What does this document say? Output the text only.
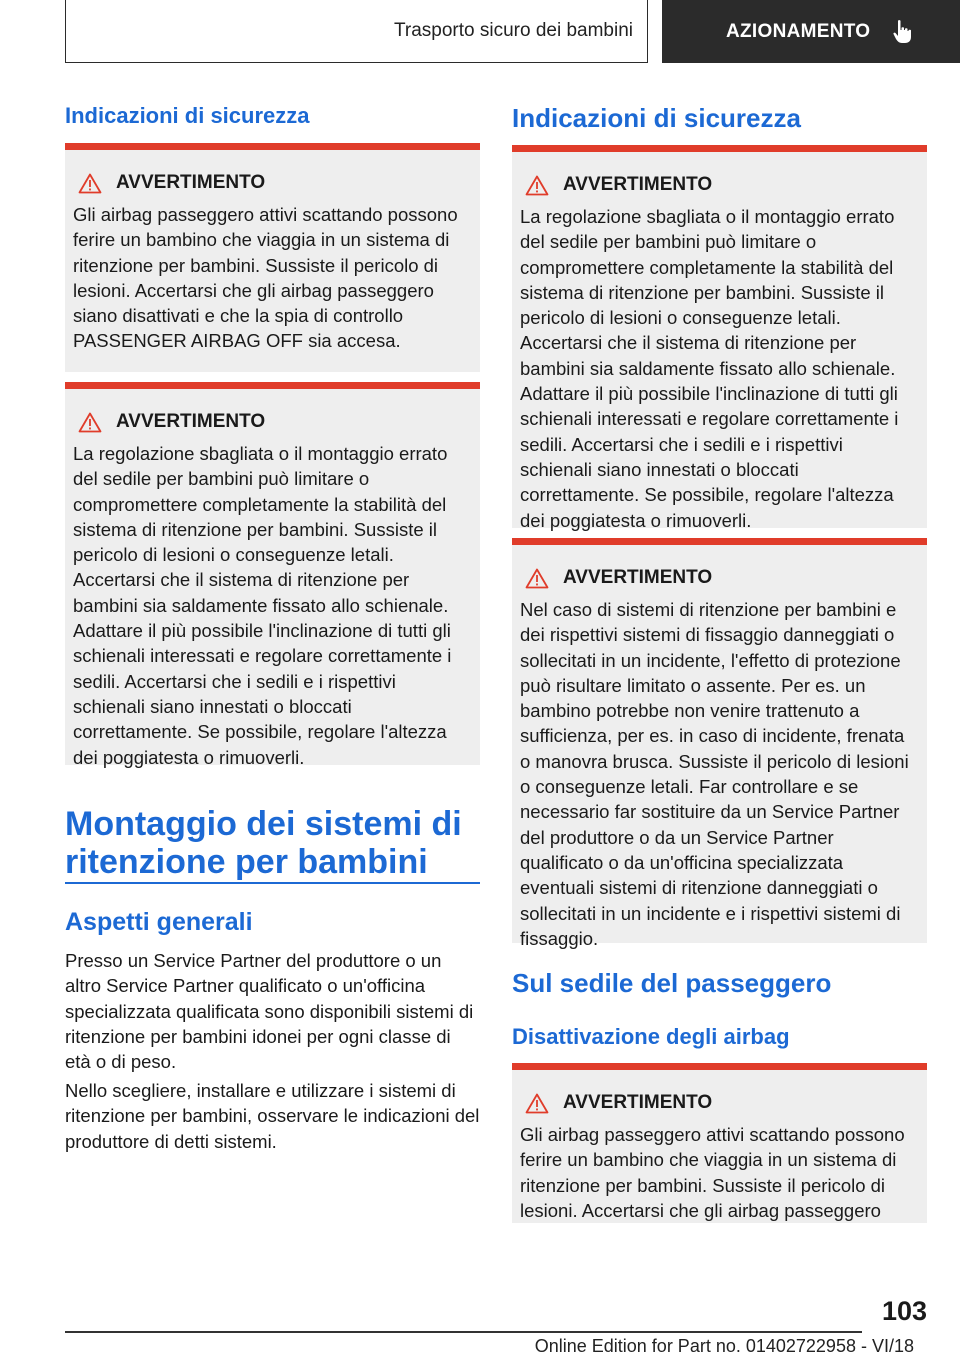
Trasporto sicuro dei bambini	AZIONAMENTO
Indicazioni di sicurezza
AVVERTIMENTO

Gli airbag passeggero attivi scattando possono ferire un bambino che viaggia in un sistema di ritenzione per bambini. Sussiste il pericolo di lesioni. Accertarsi che gli airbag passeggero siano disattivati e che la spia di controllo PASSENGER AIRBAG OFF sia accesa.

AVVERTIMENTO

La regolazione sbagliata o il montaggio errato del sedile per bambini può limitare o compromettere completamente la stabilità del sistema di ritenzione per bambini. Sussiste il pericolo di lesioni o conseguenze letali. Accertarsi che il sistema di ritenzione per bambini sia saldamente fissato allo schienale. Adattare il più possibile l'inclinazione di tutti gli schienali interessati e regolare correttamente i sedili. Accertarsi che i sedili e i rispettivi schienali siano innestati o bloccati correttamente. Se possibile, regolare l'altezza dei poggiatesta o rimuoverli.

Montaggio dei sistemi di ritenzione per bambini
Aspetti generali

Presso un Service Partner del produttore o un altro Service Partner qualificato o un'officina specializzata qualificata sono disponibili sistemi di ritenzione per bambini idonei per ogni classe di età o di peso.

Nello scegliere, installare e utilizzare i sistemi di ritenzione per bambini, osservare le indicazioni del produttore di detti sistemi.

Indicazioni di sicurezza
AVVERTIMENTO

La regolazione sbagliata o il montaggio errato del sedile per bambini può limitare o compromettere completamente la stabilità del sistema di ritenzione per bambini. Sussiste il pericolo di lesioni o conseguenze letali. Accertarsi che il sistema di ritenzione per bambini sia saldamente fissato allo schienale. Adattare il più possibile l'inclinazione di tutti gli schienali interessati e regolare correttamente i sedili. Accertarsi che i sedili e i rispettivi schienali siano innestati o bloccati correttamente. Se possibile, regolare l'altezza dei poggiatesta o rimuoverli.

AVVERTIMENTO

Nel caso di sistemi di ritenzione per bambini e dei rispettivi sistemi di fissaggio danneggiati o sollecitati in un incidente, l'effetto di protezione può risultare limitato o assente. Per es. un bambino potrebbe non venire trattenuto a sufficienza, per es. in caso di incidente, frenata o manovra brusca. Sussiste il pericolo di lesioni o conseguenze letali. Far controllare e se necessario far sostituire da un Service Partner del produttore o da un Service Partner qualificato o da un'officina specializzata eventuali sistemi di ritenzione danneggiati o sollecitati in un incidente e i rispettivi sistemi di fissaggio.

Sul sedile del passeggero
Disattivazione degli airbag
AVVERTIMENTO

Gli airbag passeggero attivi scattando possono ferire un bambino che viaggia in un sistema di ritenzione per bambini. Sussiste il pericolo di lesioni. Accertarsi che gli airbag passeggero

103
Online Edition for Part no. 01402722958 - VI/18
